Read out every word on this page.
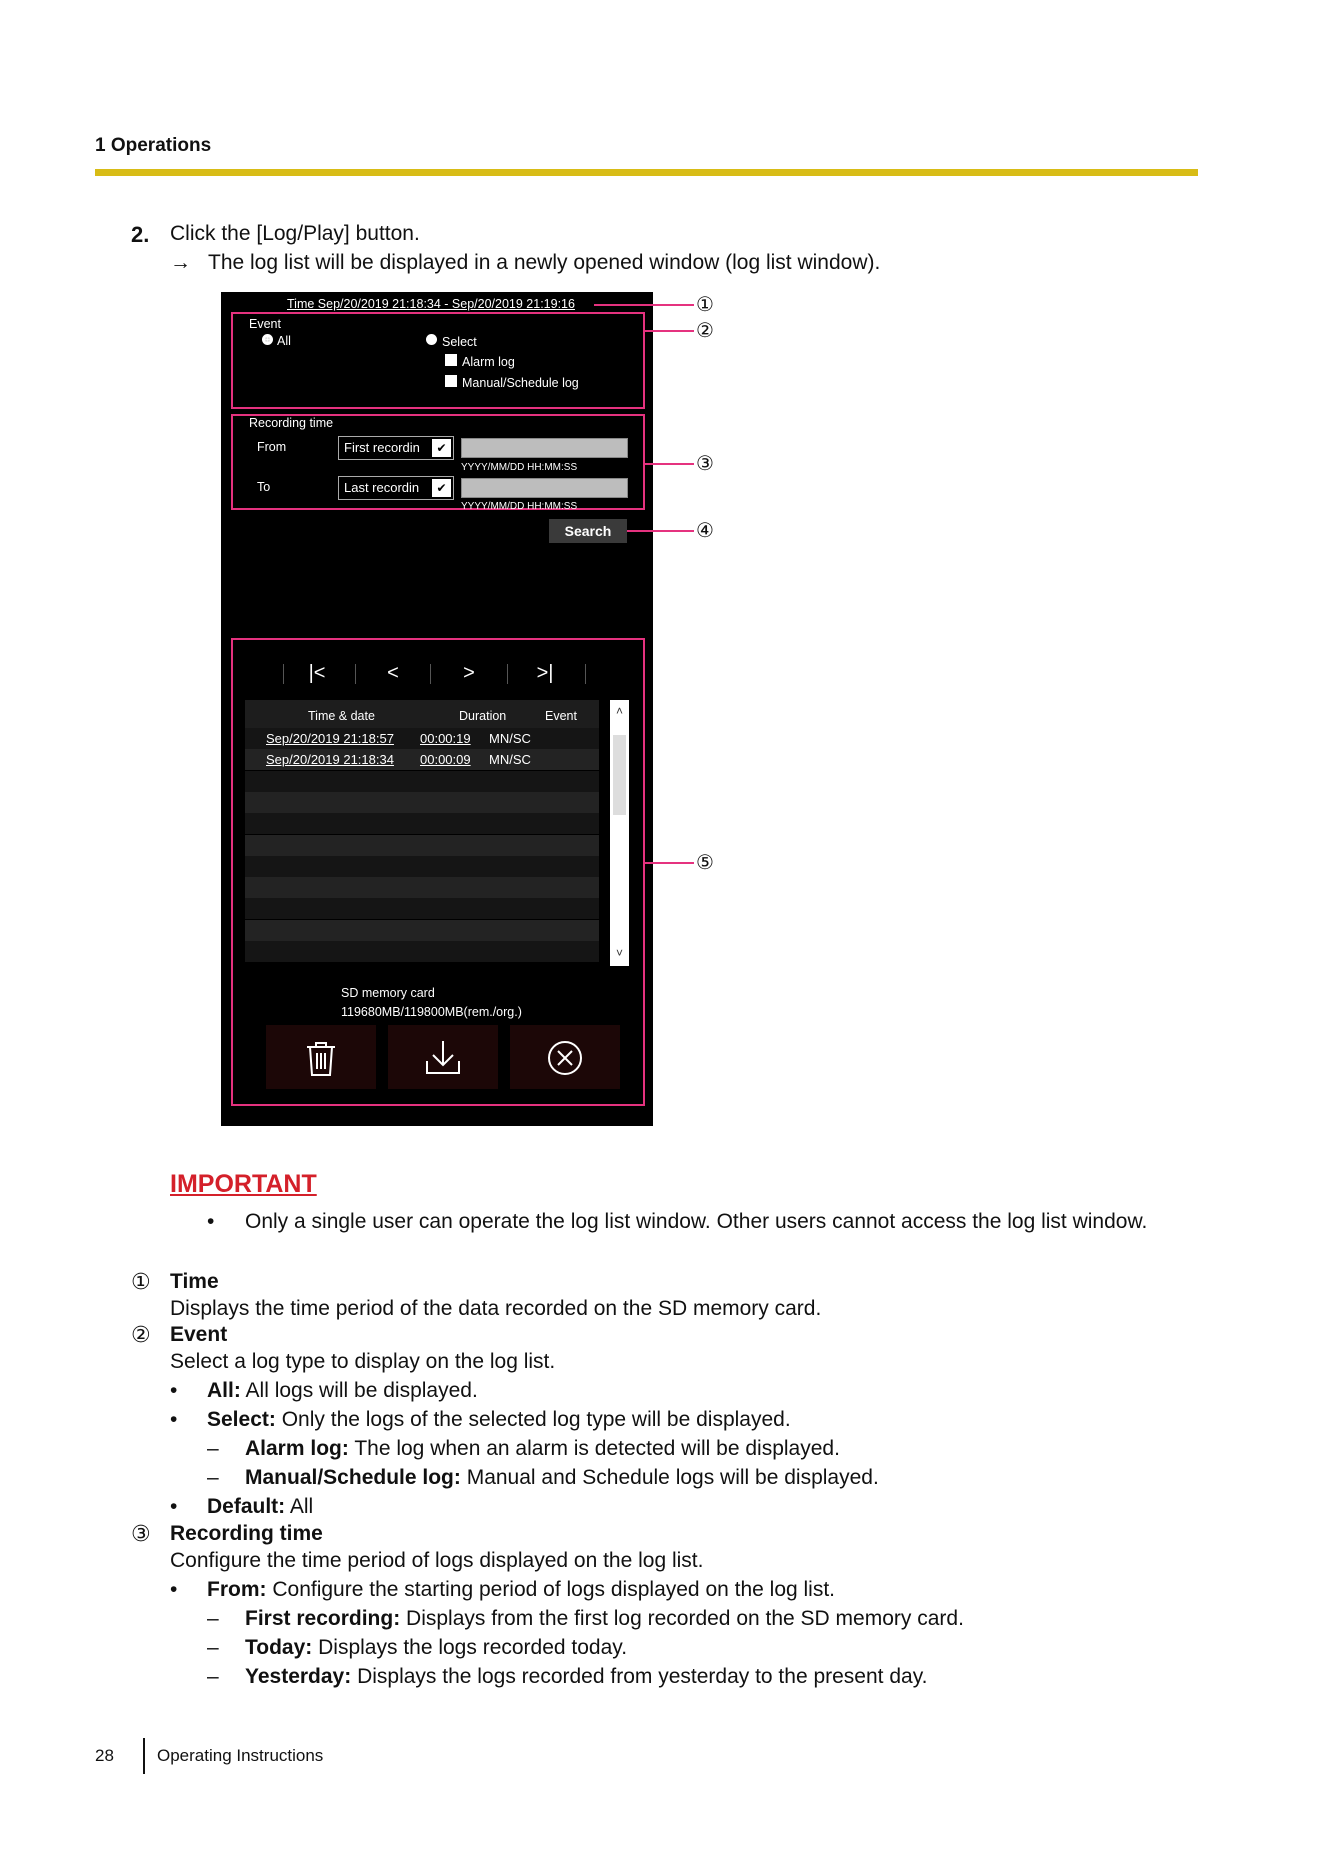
1 Operations
2. Click the [Log/Play] button.
→ The log list will be displayed in a newly opened window (log list window).
Time Sep/20/2019 21:18:34 - Sep/20/2019 21:19:16
Event
All	Select
Alarm log
Manual/Schedule log
Recording time
From	First recordin	✔
YYYY/MM/DD HH:MM:SS
To	Last recordin	✔
YYYY/MM/DD HH:MM:SS
Search
|<	<	>	>|
Time & date	Duration	Event
Sep/20/2019 21:18:57 00:00:19 MN/SC
Sep/20/2019 21:18:34 00:00:09 MN/SC
˄
˅
SD memory card
119680MB/119800MB(rem./org.)
①
②
③
④
⑤
IMPORTANT
• Only a single user can operate the log list window. Other users cannot access the log list window.
① Time
Displays the time period of the data recorded on the SD memory card.
② Event
Select a log type to display on the log list.
• All: All logs will be displayed.
• Select: Only the logs of the selected log type will be displayed.
– Alarm log: The log when an alarm is detected will be displayed.
– Manual/Schedule log: Manual and Schedule logs will be displayed.
• Default: All
③ Recording time
Configure the time period of logs displayed on the log list.
• From: Configure the starting period of logs displayed on the log list.
– First recording: Displays from the first log recorded on the SD memory card.
– Today: Displays the logs recorded today.
– Yesterday: Displays the logs recorded from yesterday to the present day.
28	Operating Instructions
